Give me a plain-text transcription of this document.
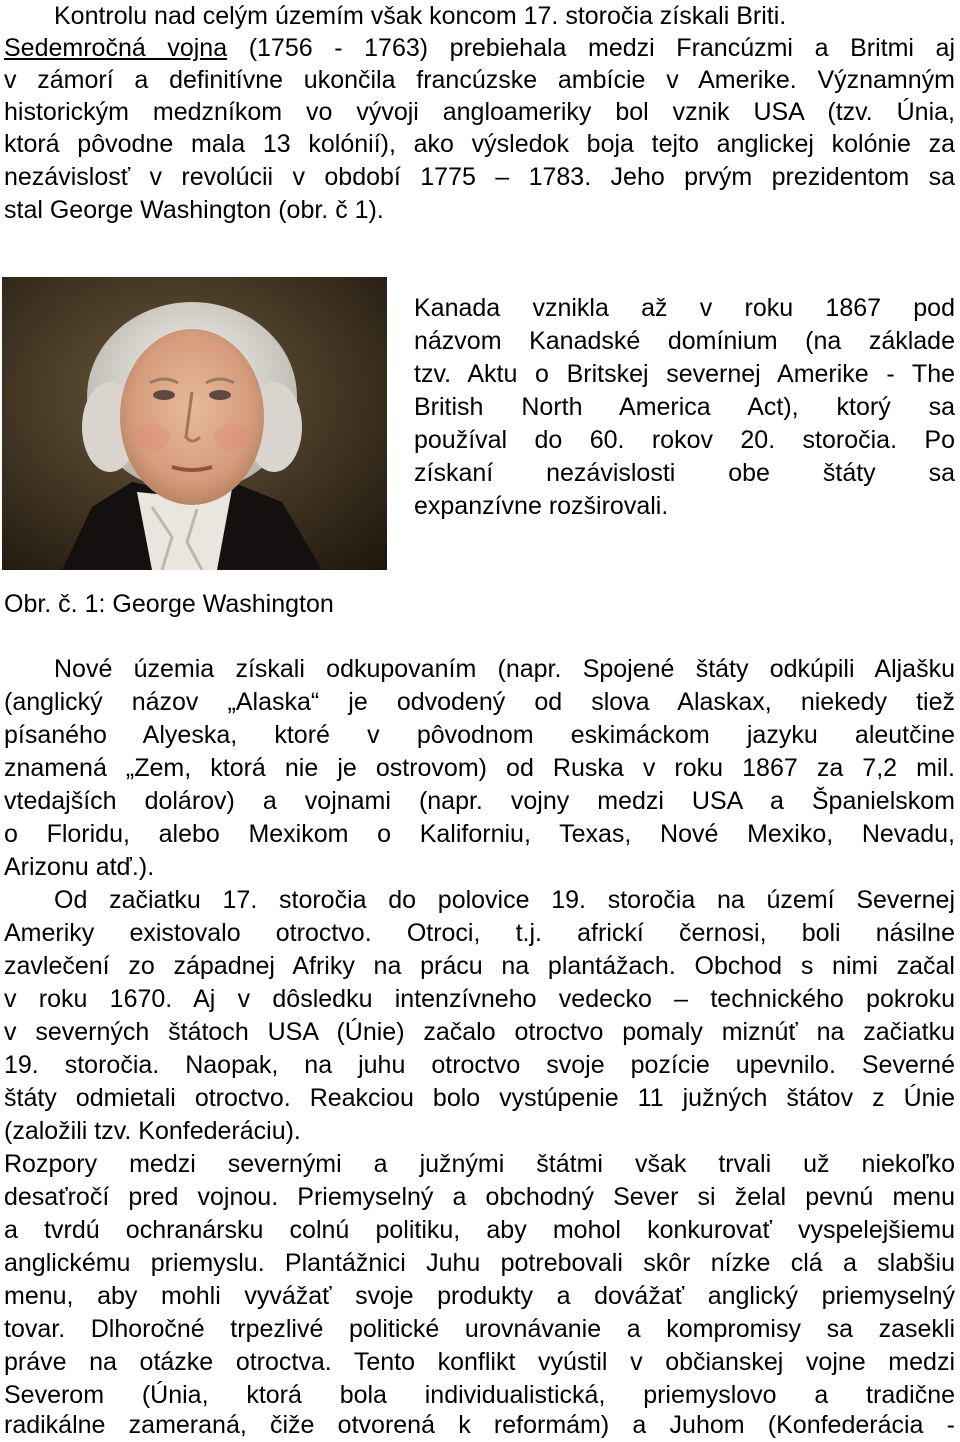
Kontrolu nad celým územím však koncom 17. storočia získali Briti.
Sedemročná vojna (1756 - 1763) prebiehala medzi Francúzmi a Britmi aj
v zámorí a definitívne ukončila francúzske ambície v Amerike. Významným
historickým medzníkom vo vývoji angloameriky bol vznik USA (tzv. Únia,
ktorá pôvodne mala 13 kolónií), ako výsledok boja tejto anglickej kolónie za
nezávislosť v revolúcii v období 1775 – 1783. Jeho prvým prezidentom sa
stal George Washington (obr. č 1).
Kanada vznikla až v roku 1867 pod
názvom Kanadské domínium (na základe
tzv. Aktu o Britskej severnej Amerike - The
British North America Act), ktorý sa
používal do 60. rokov 20. storočia. Po
získaní nezávislosti obe štáty sa
expanzívne rozširovali.
Obr. č. 1: George Washington
Nové územia získali odkupovaním (napr. Spojené štáty odkúpili Aljašku
(anglický názov „Alaska“ je odvodený od slova Alaskax, niekedy tiež
písaného Alyeska, ktoré v pôvodnom eskimáckom jazyku aleutčine
znamená „Zem, ktorá nie je ostrovom) od Ruska v roku 1867 za 7,2 mil.
vtedajších dolárov) a vojnami (napr. vojny medzi USA a Španielskom
o Floridu, alebo Mexikom o Kaliforniu, Texas, Nové Mexiko, Nevadu,
Arizonu atď.).
Od začiatku 17. storočia do polovice 19. storočia na území Severnej
Ameriky existovalo otroctvo. Otroci, t.j. africkí černosi, boli násilne
zavlečení zo západnej Afriky na prácu na plantážach. Obchod s nimi začal
v roku 1670. Aj v dôsledku intenzívneho vedecko – technického pokroku
v severných štátoch USA (Únie) začalo otroctvo pomaly miznúť na začiatku
19. storočia. Naopak, na juhu otroctvo svoje pozície upevnilo. Severné
štáty odmietali otroctvo. Reakciou bolo vystúpenie 11 južných štátov z Únie
(založili tzv. Konfederáciu).
Rozpory medzi severnými a južnými štátmi však trvali už niekoľko
desaťročí pred vojnou. Priemyselný a obchodný Sever si želal pevnú menu
a tvrdú ochranársku colnú politiku, aby mohol konkurovať vyspelejšiemu
anglickému priemyslu. Plantážnici Juhu potrebovali skôr nízke clá a slabšiu
menu, aby mohli vyvážať svoje produkty a dovážať anglický priemyselný
tovar. Dlhoročné trpezlivé politické urovnávanie a kompromisy sa zasekli
práve na otázke otroctva. Tento konflikt vyústil v občianskej vojne medzi
Severom (Únia, ktorá bola individualistická, priemyslovo a tradične
radikálne zameraná, čiže otvorená k reformám) a Juhom (Konfederácia -
